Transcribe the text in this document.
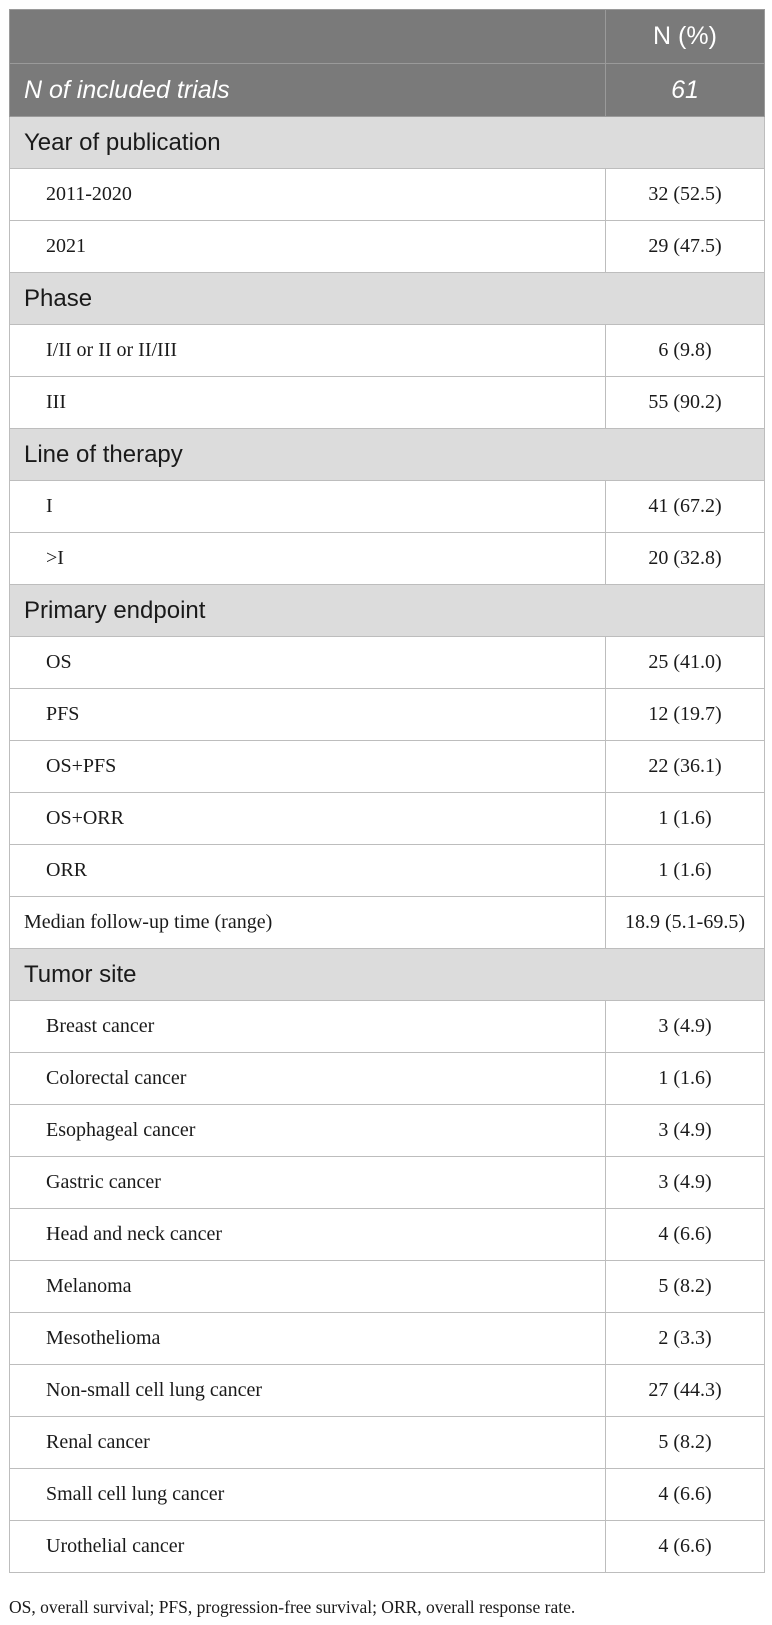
	N (%)
N of included trials	61
Year of publication	
2011-2020	32 (52.5)
2021	29 (47.5)
Phase	
I/II or II or II/III	6 (9.8)
III	55 (90.2)
Line of therapy	
I	41 (67.2)
>I	20 (32.8)
Primary endpoint	
OS	25 (41.0)
PFS	12 (19.7)
OS+PFS	22 (36.1)
OS+ORR	1 (1.6)
ORR	1 (1.6)
Median follow-up time (range)	18.9 (5.1-69.5)
Tumor site	
Breast cancer	3 (4.9)
Colorectal cancer	1 (1.6)
Esophageal cancer	3 (4.9)
Gastric cancer	3 (4.9)
Head and neck cancer	4 (6.6)
Melanoma	5 (8.2)
Mesothelioma	2 (3.3)
Non-small cell lung cancer	27 (44.3)
Renal cancer	5 (8.2)
Small cell lung cancer	4 (6.6)
Urothelial cancer	4 (6.6)
OS, overall survival; PFS, progression-free survival; ORR, overall response rate.
